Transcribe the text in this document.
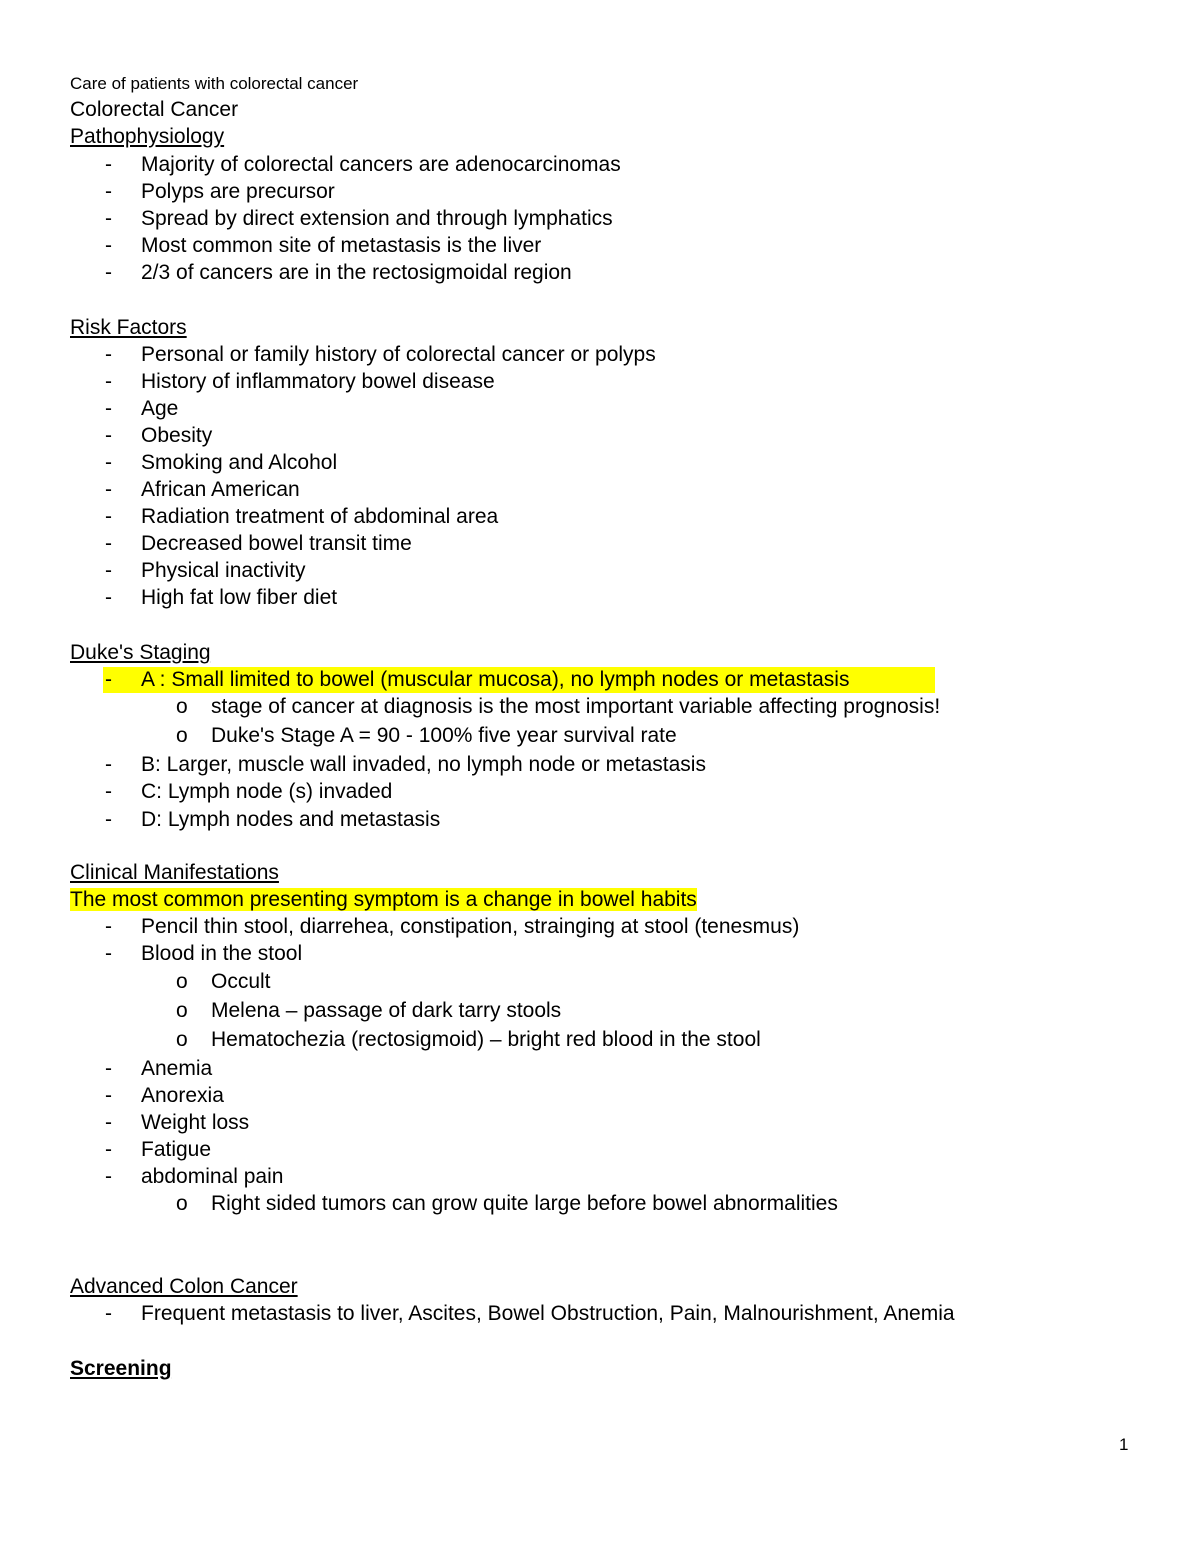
Care of patients with colorectal cancer
Colorectal Cancer
Pathophysiology
- Majority of colorectal cancers are adenocarcinomas
- Polyps are precursor
- Spread by direct extension and through lymphatics
- Most common site of metastasis is the liver
- 2/3 of cancers are in the rectosigmoidal region
Risk Factors
- Personal or family history of colorectal cancer or polyps
- History of inflammatory bowel disease
- Age
- Obesity
- Smoking and Alcohol
- African American
- Radiation treatment of abdominal area
- Decreased bowel transit time
- Physical inactivity
- High fat low fiber diet
Duke's Staging
- A : Small limited to bowel (muscular mucosa), no lymph nodes or metastasis
o stage of cancer at diagnosis is the most important variable affecting prognosis!
o Duke's Stage A = 90 - 100% five year survival rate
- B: Larger, muscle wall invaded, no lymph node or metastasis
- C: Lymph node (s) invaded
- D: Lymph nodes and metastasis
Clinical Manifestations
The most common presenting symptom is a change in bowel habits
- Pencil thin stool, diarrehea, constipation, strainging at stool (tenesmus)
- Blood in the stool
o Occult
o Melena – passage of dark tarry stools
o Hematochezia (rectosigmoid) – bright red blood in the stool
- Anemia
- Anorexia
- Weight loss
- Fatigue
- abdominal pain
o Right sided tumors can grow quite large before bowel abnormalities
Advanced Colon Cancer
- Frequent metastasis to liver, Ascites, Bowel Obstruction, Pain, Malnourishment, Anemia
Screening
1
